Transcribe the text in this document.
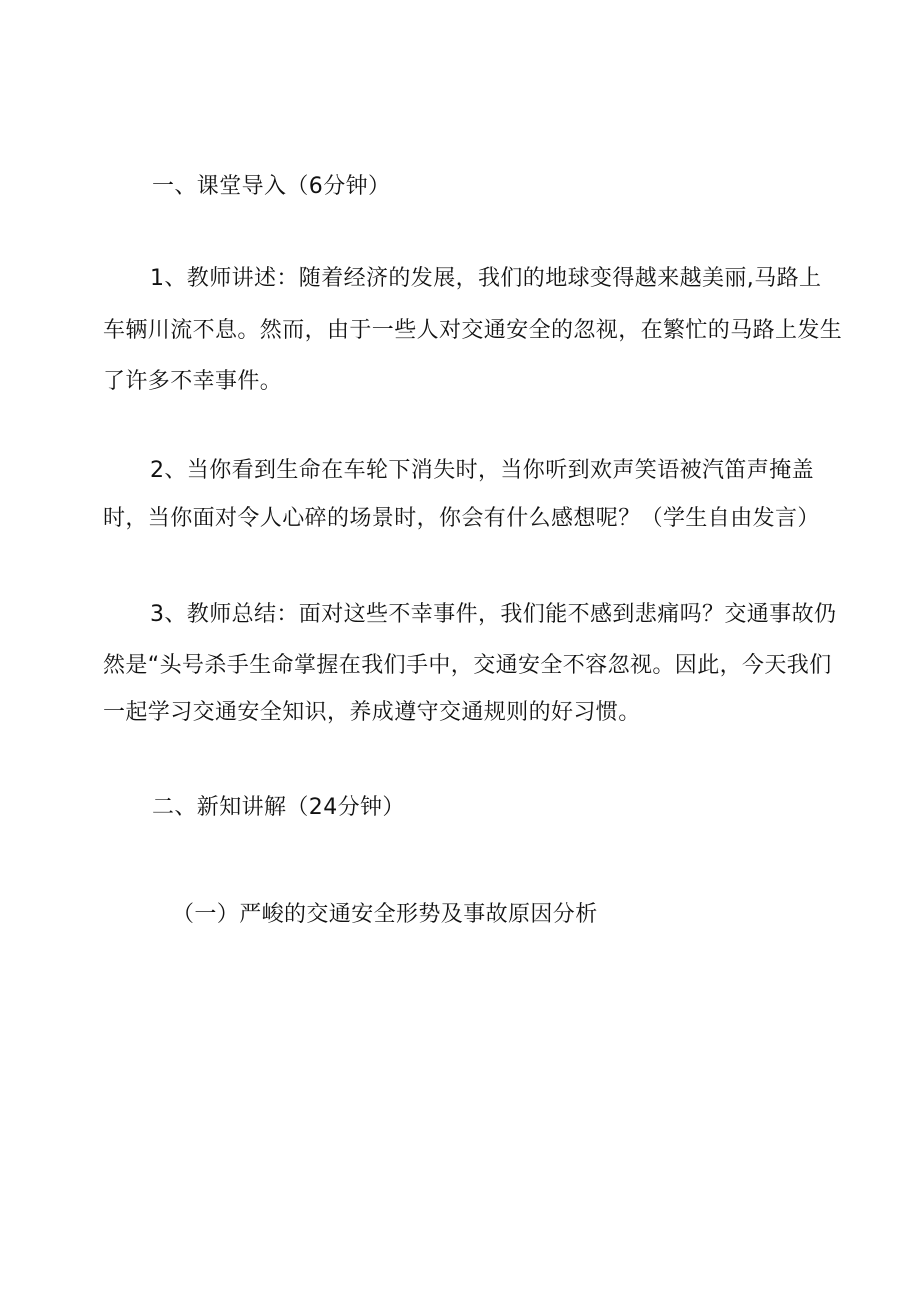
一、课堂导入（6分钟）
1、教师讲述：随着经济的发展，我们的地球变得越来越美丽,马路上
车辆川流不息。然而，由于一些人对交通安全的忽视，在繁忙的马路上发生
了许多不幸事件。
2、当你看到生命在车轮下消失时，当你听到欢声笑语被汽笛声掩盖
时，当你面对令人心碎的场景时，你会有什么感想呢？（学生自由发言）
3、教师总结：面对这些不幸事件，我们能不感到悲痛吗？交通事故仍
然是“头号杀手生命掌握在我们手中，交通安全不容忽视。因此，今天我们
一起学习交通安全知识，养成遵守交通规则的好习惯。
二、新知讲解（24分钟）
（一）严峻的交通安全形势及事故原因分析
